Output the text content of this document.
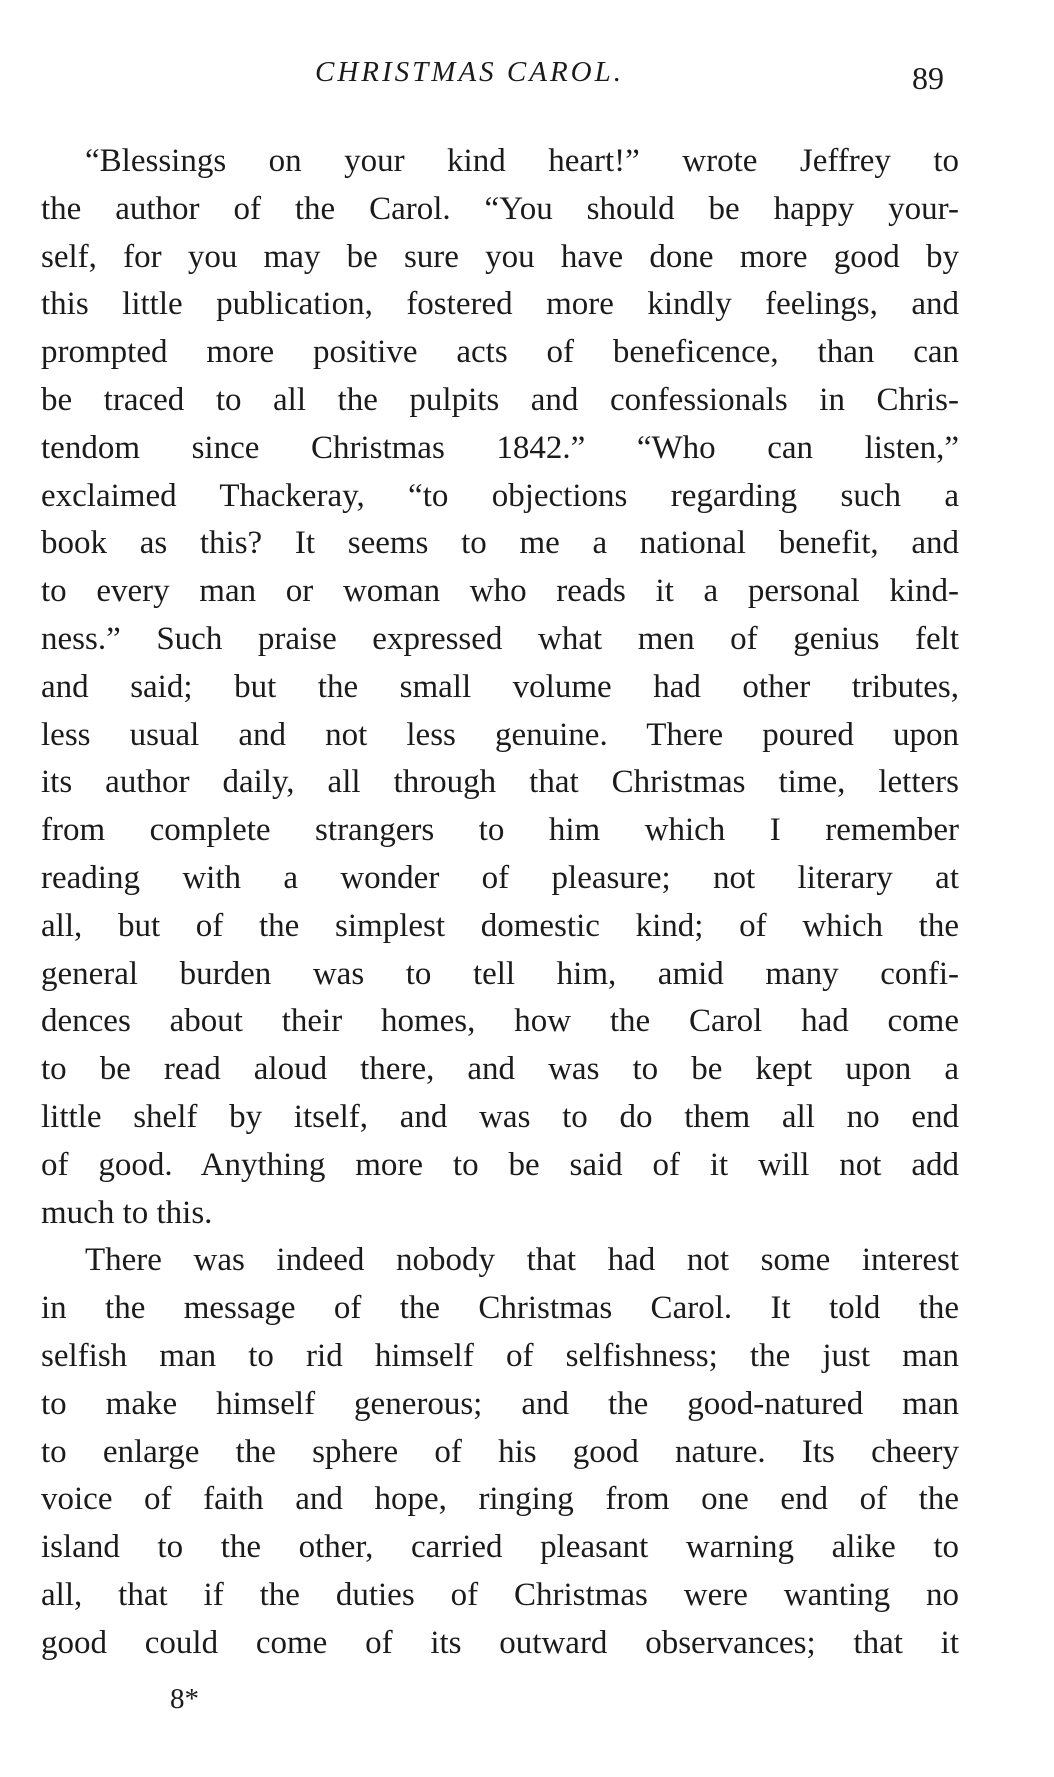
CHRISTMAS CAROL.	89
“Blessings on your kind heart!” wrote Jeffrey to
the author of the Carol. “You should be happy your-
self, for you may be sure you have done more good by
this little publication, fostered more kindly feelings, and
prompted more positive acts of beneficence, than can
be traced to all the pulpits and confessionals in Chris-
tendom since Christmas 1842.” “Who can listen,”
exclaimed Thackeray, “to objections regarding such a
book as this? It seems to me a national benefit, and
to every man or woman who reads it a personal kind-
ness.” Such praise expressed what men of genius felt
and said; but the small volume had other tributes,
less usual and not less genuine. There poured upon
its author daily, all through that Christmas time, letters
from complete strangers to him which I remember
reading with a wonder of pleasure; not literary at
all, but of the simplest domestic kind; of which the
general burden was to tell him, amid many confi-
dences about their homes, how the Carol had come
to be read aloud there, and was to be kept upon a
little shelf by itself, and was to do them all no end
of good. Anything more to be said of it will not add
much to this.
There was indeed nobody that had not some interest
in the message of the Christmas Carol. It told the
selfish man to rid himself of selfishness; the just man
to make himself generous; and the good-natured man
to enlarge the sphere of his good nature. Its cheery
voice of faith and hope, ringing from one end of the
island to the other, carried pleasant warning alike to
all, that if the duties of Christmas were wanting no
good could come of its outward observances; that it
8*
